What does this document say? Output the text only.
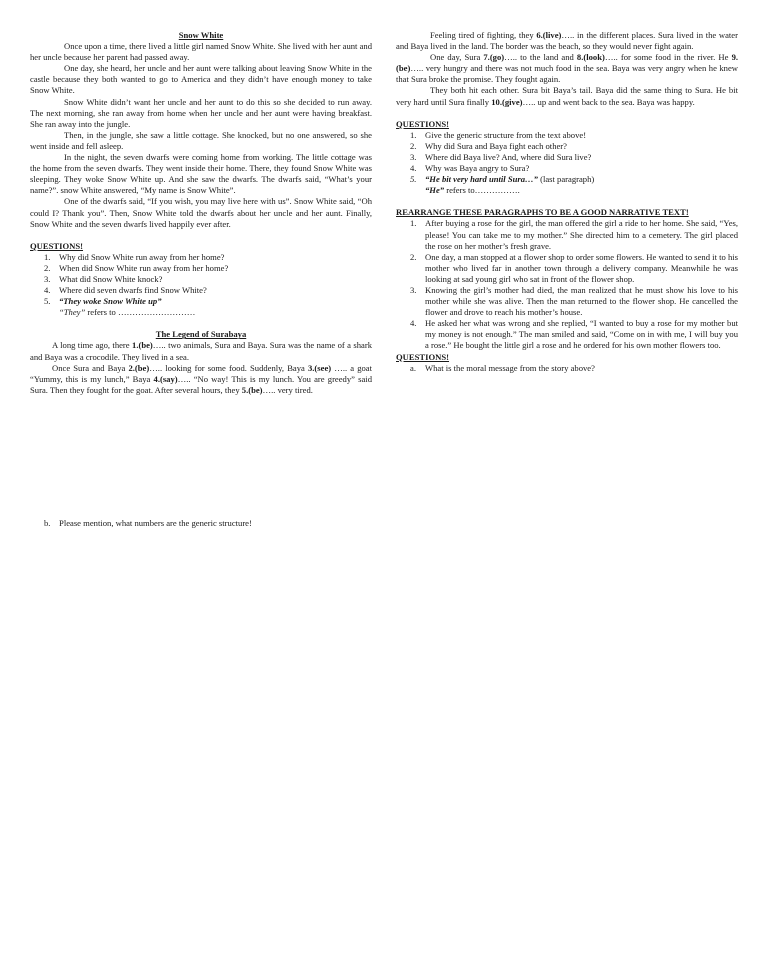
Snow White

Once upon a time, there lived a little girl named Snow White. She lived with her aunt and her uncle because her parent had passed away.

One day, she heard, her uncle and her aunt were talking about leaving Snow White in the castle because they both wanted to go to America and they didn’t have enough money to take Snow White.

Snow White didn’t want her uncle and her aunt to do this so she decided to run away. The next morning, she ran away from home when her uncle and her aunt were having breakfast. She ran away into the jungle.

Then, in the jungle, she saw a little cottage. She knocked, but no one answered, so she went inside and fell asleep.

In the night, the seven dwarfs were coming home from working. The little cottage was the home from the seven dwarfs. They went inside their home. There, they found Snow White was sleeping. They woke Snow White up. And she saw the dwarfs. The dwarfs said, “What’s your name?”. snow White answered, “My name is Snow White”.

One of the dwarfs said, “If you wish, you may live here with us”. Snow White said, “Oh could I? Thank you”. Then, Snow White told the dwarfs about her uncle and her aunt. Finally, Snow White and the seven dwarfs lived happily ever after.

QUESTIONS!

1. Why did Snow White run away from her home?
2. When did Snow White run away from her home?
3. What did Snow White knock?
4. Where did seven dwarfs find Snow White?
5. “They woke Snow White up”

“They” refers to ………………………

The Legend of Surabaya

A long time ago, there 1.(be)….. two animals, Sura and Baya. Sura was the name of a shark and Baya was a crocodile. They lived in a sea.

Once Sura and Baya 2.(be)….. looking for some food. Suddenly, Baya 3.(see) ….. a goat “Yummy, this is my lunch,” Baya 4.(say)….. “No way! This is my lunch. You are greedy” said Sura. Then they fought for the goat. After several hours, they 5.(be)….. very tired.

Feeling tired of fighting, they 6.(live)….. in the different places. Sura lived in the water and Baya lived in the land. The border was the beach, so they would never fight again.

One day, Sura 7.(go)….. to the land and 8.(look)….. for some food in the river. He 9.(be)….. very hungry and there was not much food in the sea. Baya was very angry when he knew that Sura broke the promise. They fought again.

They both hit each other. Sura bit Baya’s tail. Baya did the same thing to Sura. He bit very hard until Sura finally 10.(give)….. up and went back to the sea. Baya was happy.

QUESTIONS!

1. Give the generic structure from the text above!
2. Why did Sura and Baya fight each other?
3. Where did Baya live? And, where did Sura live?
4. Why was Baya angry to Sura?
5. “He bit very hard until Sura…” (last paragraph)

“He” refers to…………….

REARRANGE THESE PARAGRAPHS TO BE A GOOD NARRATIVE TEXT!

1. After buying a rose for the girl, the man offered the girl a ride to her home. She said, “Yes, please! You can take me to my mother.” She directed him to a cemetery. The girl placed the rose on her mother’s fresh grave.
2. One day, a man stopped at a flower shop to order some flowers. He wanted to send it to his mother who lived far in another town through a delivery company. Meanwhile he was looking at sad young girl who sat in front of the flower shop.
3. Knowing the girl’s mother had died, the man realized that he must show his love to his mother while she was alive. Then the man returned to the flower shop. He cancelled the flower and drove to reach his mother’s house.
4. He asked her what was wrong and she replied, “I wanted to buy a rose for my mother but my money is not enough.” The man smiled and said, “Come on in with me, I will buy you a rose.” He bought the little girl a rose and he ordered for his own mother flowers too.

QUESTIONS!

a. What is the moral message from the story above?
b. Please mention, what numbers are the generic structure!
